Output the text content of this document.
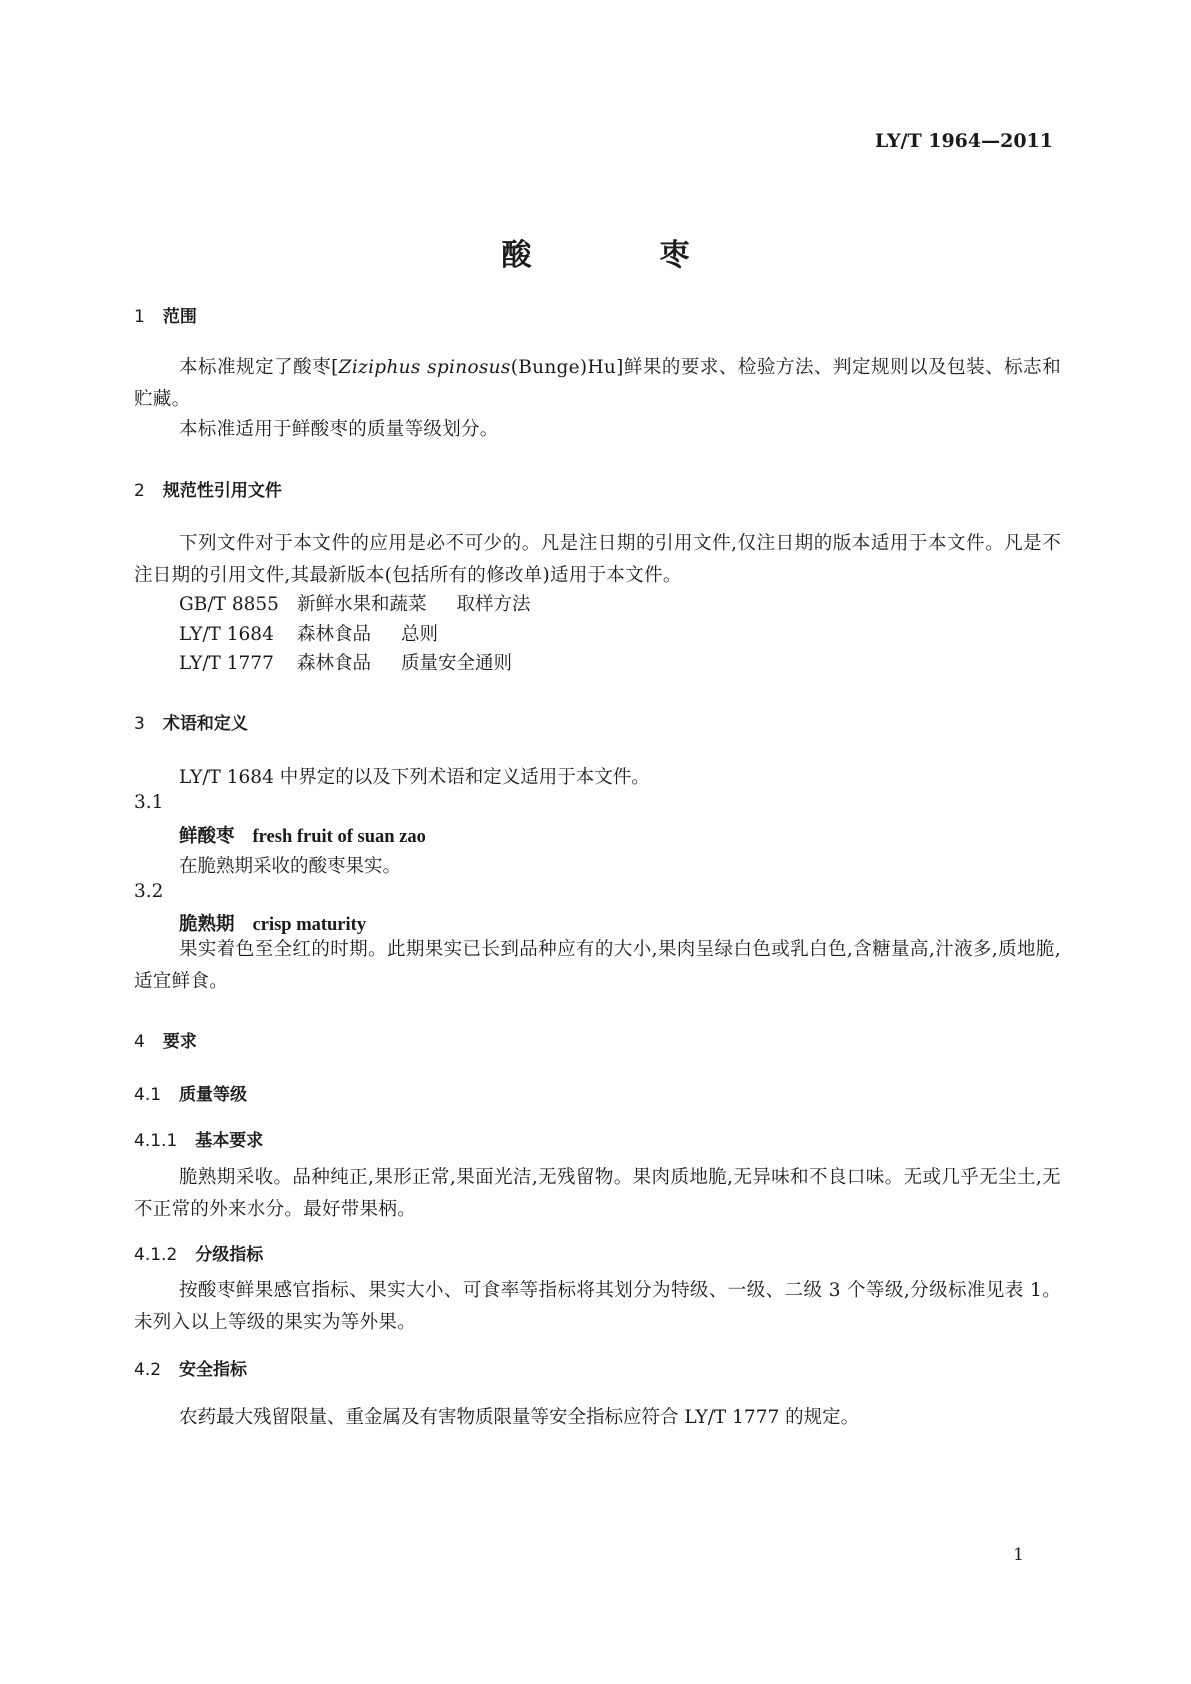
LY/T 1964—2011
酸	枣
1 范围

本标准规定了酸枣[Ziziphus spinosus(Bunge)Hu]鲜果的要求、检验方法、判定规则以及包装、标志和贮藏。

本标准适用于鲜酸枣的质量等级划分。

2 规范性引用文件

下列文件对于本文件的应用是必不可少的。凡是注日期的引用文件,仅注日期的版本适用于本文件。凡是不注日期的引用文件,其最新版本(包括所有的修改单)适用于本文件。

GB/T 8855 新鲜水果和蔬菜 取样方法
LY/T 1684 森林食品 总则
LY/T 1777 森林食品 质量安全通则
3 术语和定义
LY/T 1684 中界定的以及下列术语和定义适用于本文件。
3.1
鲜酸枣 fresh fruit of suan zao
在脆熟期采收的酸枣果实。
3.2
脆熟期 crisp maturity

果实着色至全红的时期。此期果实已长到品种应有的大小,果肉呈绿白色或乳白色,含糖量高,汁液多,质地脆,适宜鲜食。

4 要求
4.1 质量等级
4.1.1 基本要求

脆熟期采收。品种纯正,果形正常,果面光洁,无残留物。果肉质地脆,无异味和不良口味。无或几乎无尘土,无不正常的外来水分。最好带果柄。

4.1.2 分级指标

按酸枣鲜果感官指标、果实大小、可食率等指标将其划分为特级、一级、二级 3 个等级,分级标准见表 1。未列入以上等级的果实为等外果。

4.2 安全指标
农药最大残留限量、重金属及有害物质限量等安全指标应符合 LY/T 1777 的规定。
1
